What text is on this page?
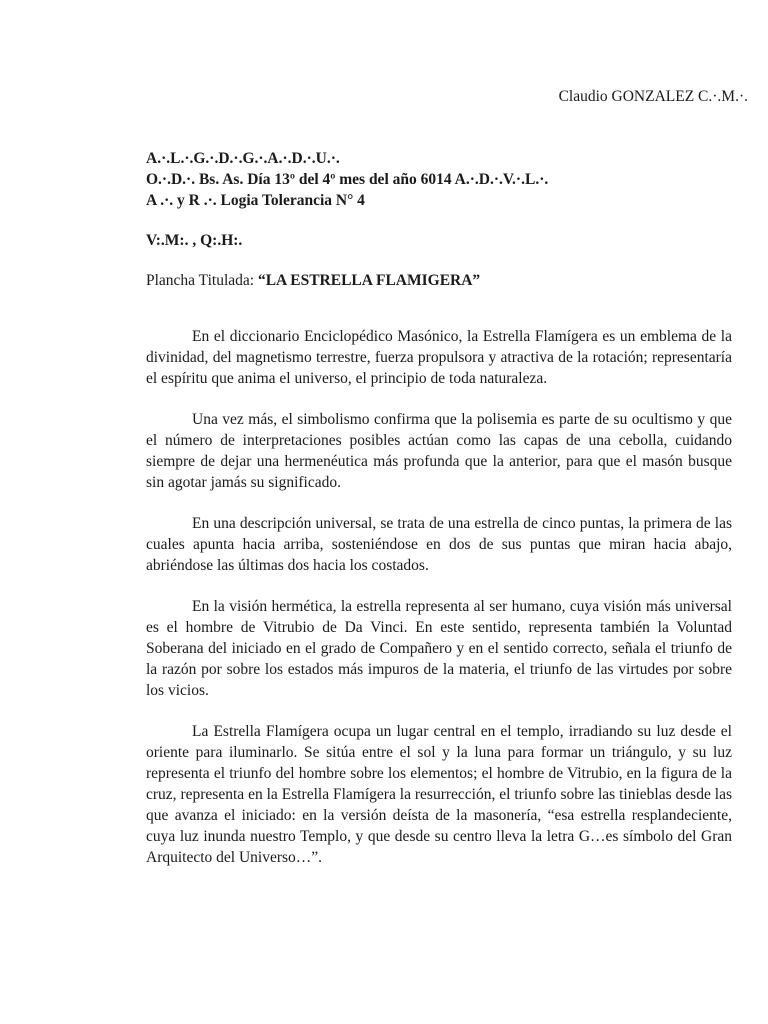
Claudio GONZALEZ C.·.M.·.
A.·.L.·.G.·.D.·.G.·.A.·.D.·.U.·.
O.·.D.·. Bs. As. Día 13º del 4º mes del año 6014 A.·.D.·.V.·.L.·.
A .·. y R .·. Logia Tolerancia N° 4
V:.M:. , Q:.H:.
Plancha Titulada: “LA ESTRELLA FLAMIGERA”

En el diccionario Enciclopédico Masónico, la Estrella Flamígera es un emblema de la divinidad, del magnetismo terrestre, fuerza propulsora y atractiva de la rotación; representaría el espíritu que anima el universo, el principio de toda naturaleza.

Una vez más, el simbolismo confirma que la polisemia es parte de su ocultismo y que el número de interpretaciones posibles actúan como las capas de una cebolla, cuidando siempre de dejar una hermenéutica más profunda que la anterior, para que el masón busque sin agotar jamás su significado.

En una descripción universal, se trata de una estrella de cinco puntas, la primera de las cuales apunta hacia arriba, sosteniéndose en dos de sus puntas que miran hacia abajo, abriéndose las últimas dos hacia los costados.

En la visión hermética, la estrella representa al ser humano, cuya visión más universal es el hombre de Vitrubio de Da Vinci. En este sentido, representa también la Voluntad Soberana del iniciado en el grado de Compañero y en el sentido correcto, señala el triunfo de la razón por sobre los estados más impuros de la materia, el triunfo de las virtudes por sobre los vicios.

La Estrella Flamígera ocupa un lugar central en el templo, irradiando su luz desde el oriente para iluminarlo. Se sitúa entre el sol y la luna para formar un triángulo, y su luz representa el triunfo del hombre sobre los elementos; el hombre de Vitrubio, en la figura de la cruz, representa en la Estrella Flamígera la resurrección, el triunfo sobre las tinieblas desde las que avanza el iniciado: en la versión deísta de la masonería, “esa estrella resplandeciente, cuya luz inunda nuestro Templo, y que desde su centro lleva la letra G…es símbolo del Gran Arquitecto del Universo…”.
